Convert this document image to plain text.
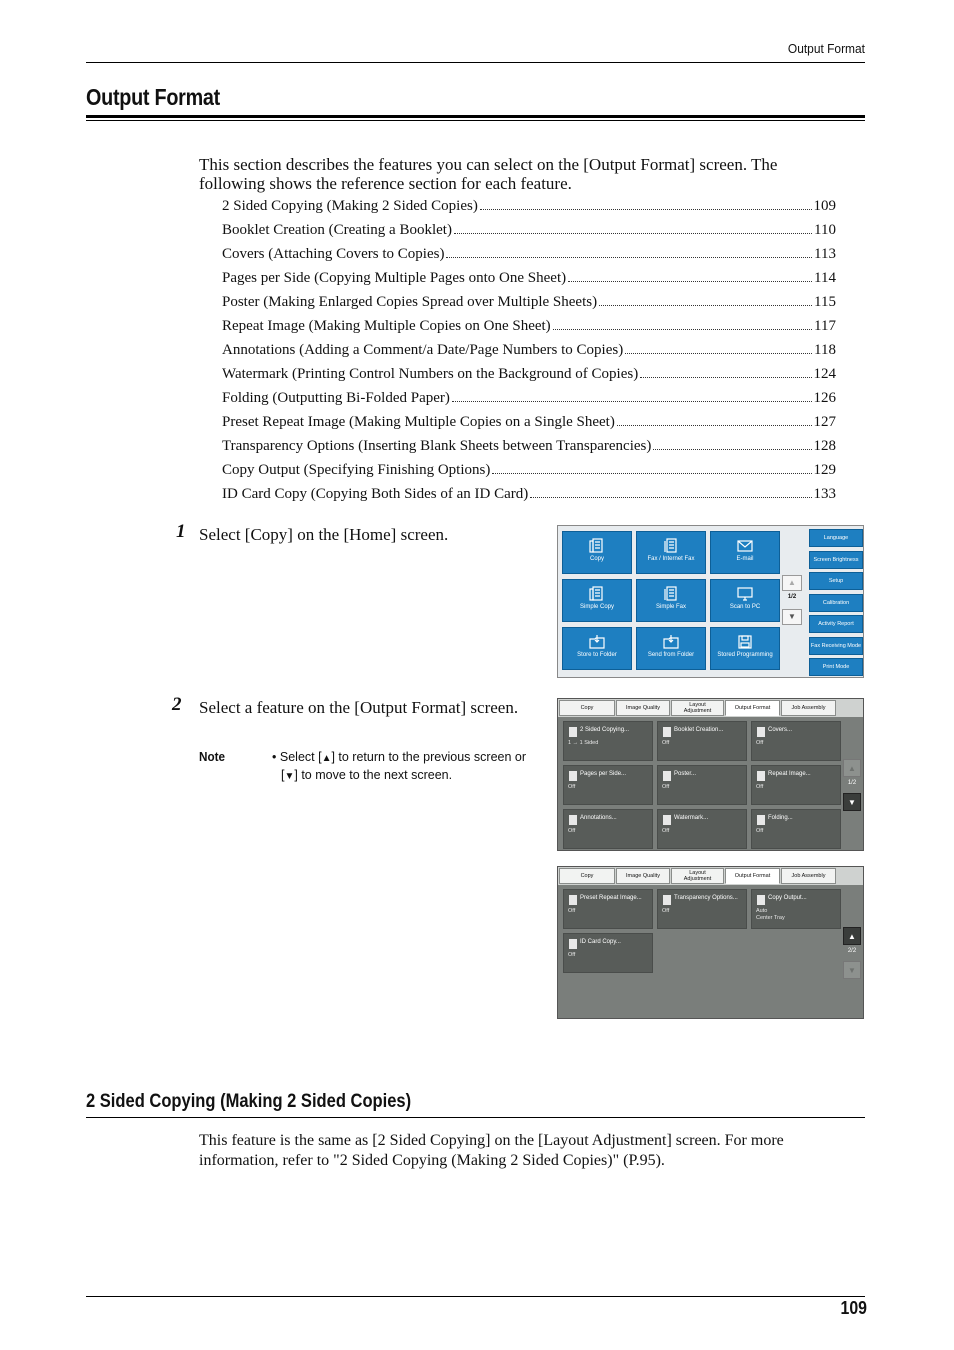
Output Format
Output Format
This section describes the features you can select on the [Output Format] screen. The following shows the reference section for each feature.
2 Sided Copying (Making 2 Sided Copies)	109
Booklet Creation (Creating a Booklet)	110
Covers (Attaching Covers to Copies)	113
Pages per Side (Copying Multiple Pages onto One Sheet)	114
Poster (Making Enlarged Copies Spread over Multiple Sheets)	115
Repeat Image (Making Multiple Copies on One Sheet)	117
Annotations (Adding a Comment/a Date/Page Numbers to Copies)	118
Watermark (Printing Control Numbers on the Background of Copies)	124
Folding (Outputting Bi-Folded Paper)	126
Preset Repeat Image (Making Multiple Copies on a Single Sheet)	127
Transparency Options (Inserting Blank Sheets between Transparencies)	128
Copy Output (Specifying Finishing Options)	129
ID Card Copy (Copying Both Sides of an ID Card)	133
1 Select [Copy] on the [Home] screen.
2 Select a feature on the [Output Format] screen.
Note	• Select [▲] to return to the previous screen or
[▼] to move to the next screen.
Copy	Fax / Internet Fax	E-mail
Simple Copy	Simple Fax	Scan to PC
Store to Folder	Send from Folder	Stored Programming
Language
Screen Brightness
Setup
Calibration
Activity Report
Fax Receiving Mode
Print Mode
▲
1/2
▼
Copy	Image Quality	Layout Adjustment	Output Format	Job Assembly
2 Sided Copying...
1 → 1 Sided
Booklet Creation...
Off
Covers...
Off
Pages per Side...
Off
Poster...
Off
Repeat Image...
Off
Annotations...
Off
Watermark...
Off
Folding...
Off
▲
1/2
▼
Copy	Image Quality	Layout Adjustment	Output Format	Job Assembly
Preset Repeat Image...
Off
Transparency Options...
Off
Copy Output...
Auto
Center Tray
ID Card Copy...
Off
▲
2/2
▼
2 Sided Copying (Making 2 Sided Copies)
This feature is the same as [2 Sided Copying] on the [Layout Adjustment] screen. For more information, refer to "2 Sided Copying (Making 2 Sided Copies)" (P.95).
109
